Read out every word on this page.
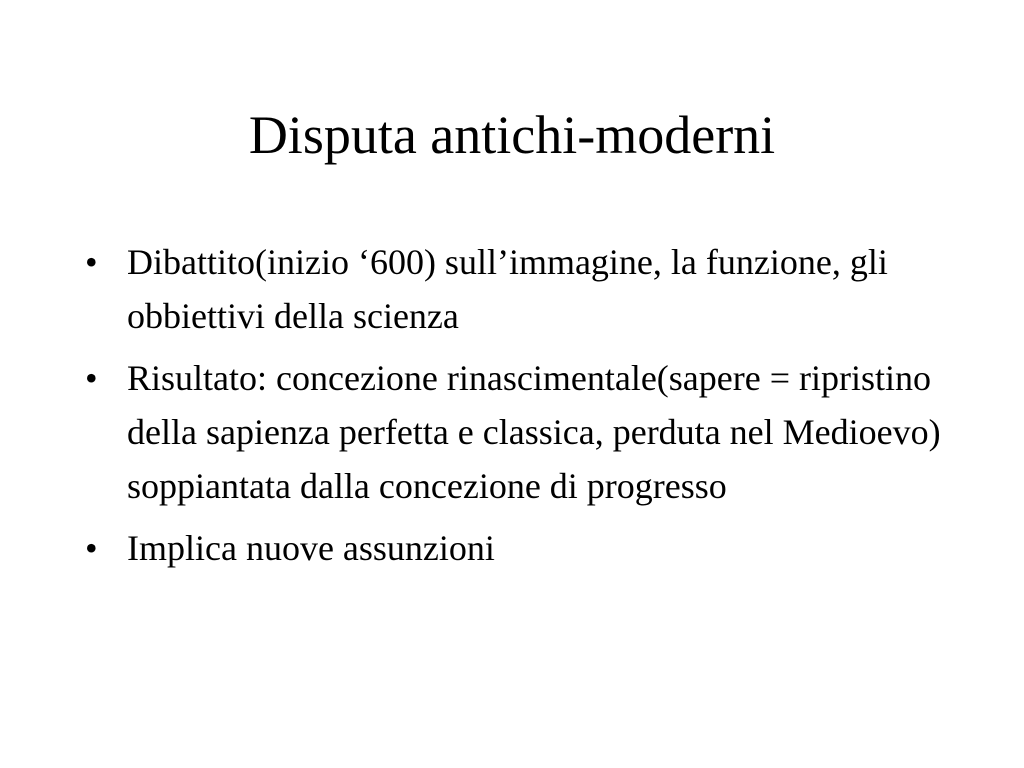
Disputa antichi-moderni
• Dibattito(inizio ‘600) sull’immagine, la funzione, gli obbiettivi della scienza
• Risultato: concezione rinascimentale(sapere = ripristino della sapienza perfetta e classica, perduta nel Medioevo) soppiantata dalla concezione di progresso
• Implica nuove assunzioni
